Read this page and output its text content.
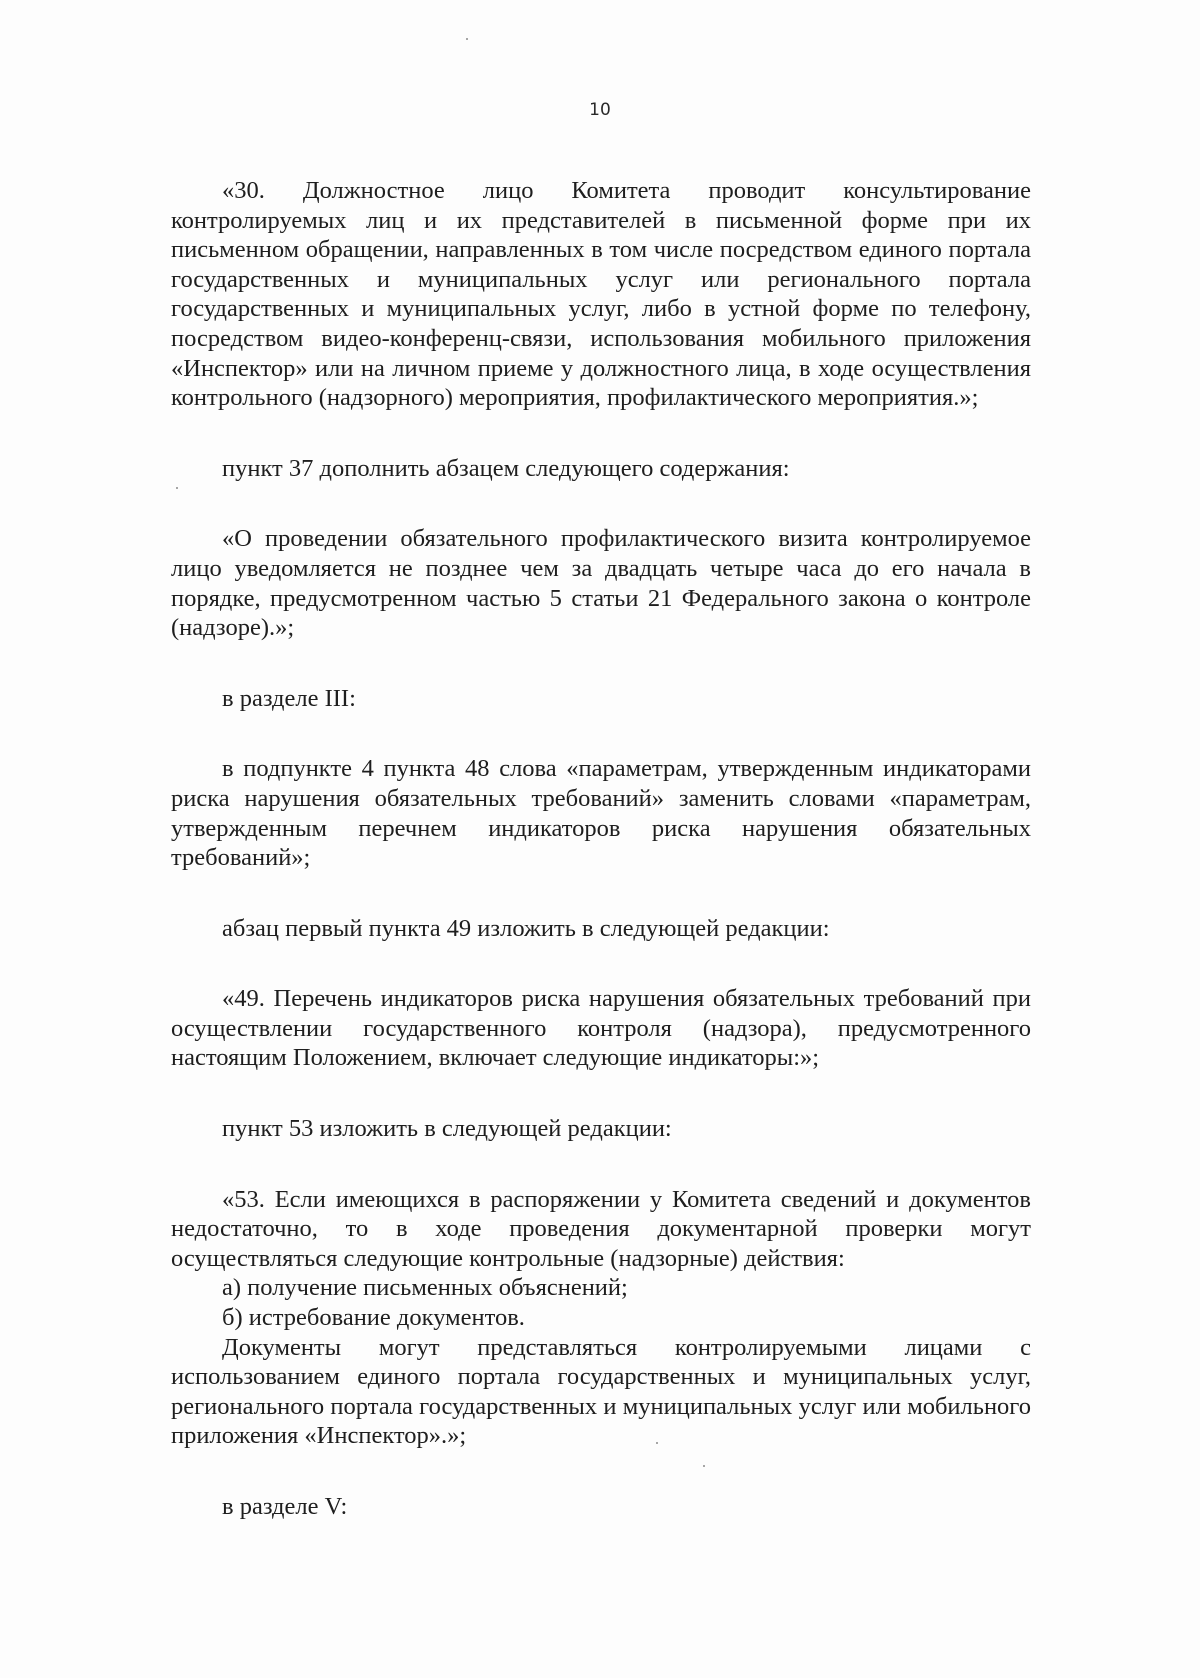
10

«30. Должностное лицо Комитета проводит консультирование контролируемых лиц и их представителей в письменной форме при их письменном обращении, направленных в том числе посредством единого портала государственных и муниципальных услуг или регионального портала государственных и муниципальных услуг, либо в устной форме по телефону, посредством видео-конференц-связи, использования мобильного приложения «Инспектор» или на личном приеме у должностного лица, в ходе осуществления контрольного (надзорного) мероприятия, профилактического мероприятия.»;

пункт 37 дополнить абзацем следующего содержания:

«О проведении обязательного профилактического визита контролируемое лицо уведомляется не позднее чем за двадцать четыре часа до его начала в порядке, предусмотренном частью 5 статьи 21 Федерального закона о контроле (надзоре).»;

в разделе III:

в подпункте 4 пункта 48 слова «параметрам, утвержденным индикаторами риска нарушения обязательных требований» заменить словами «параметрам, утвержденным перечнем индикаторов риска нарушения обязательных требований»;

абзац первый пункта 49 изложить в следующей редакции:

«49. Перечень индикаторов риска нарушения обязательных требований при осуществлении государственного контроля (надзора), предусмотренного настоящим Положением, включает следующие индикаторы:»;

пункт 53 изложить в следующей редакции:

«53. Если имеющихся в распоряжении у Комитета сведений и документов недостаточно, то в ходе проведения документарной проверки могут осуществляться следующие контрольные (надзорные) действия:

а) получение письменных объяснений;

б) истребование документов.

Документы могут представляться контролируемыми лицами с использованием единого портала государственных и муниципальных услуг, регионального портала государственных и муниципальных услуг или мобильного приложения «Инспектор».»;

в разделе V:
